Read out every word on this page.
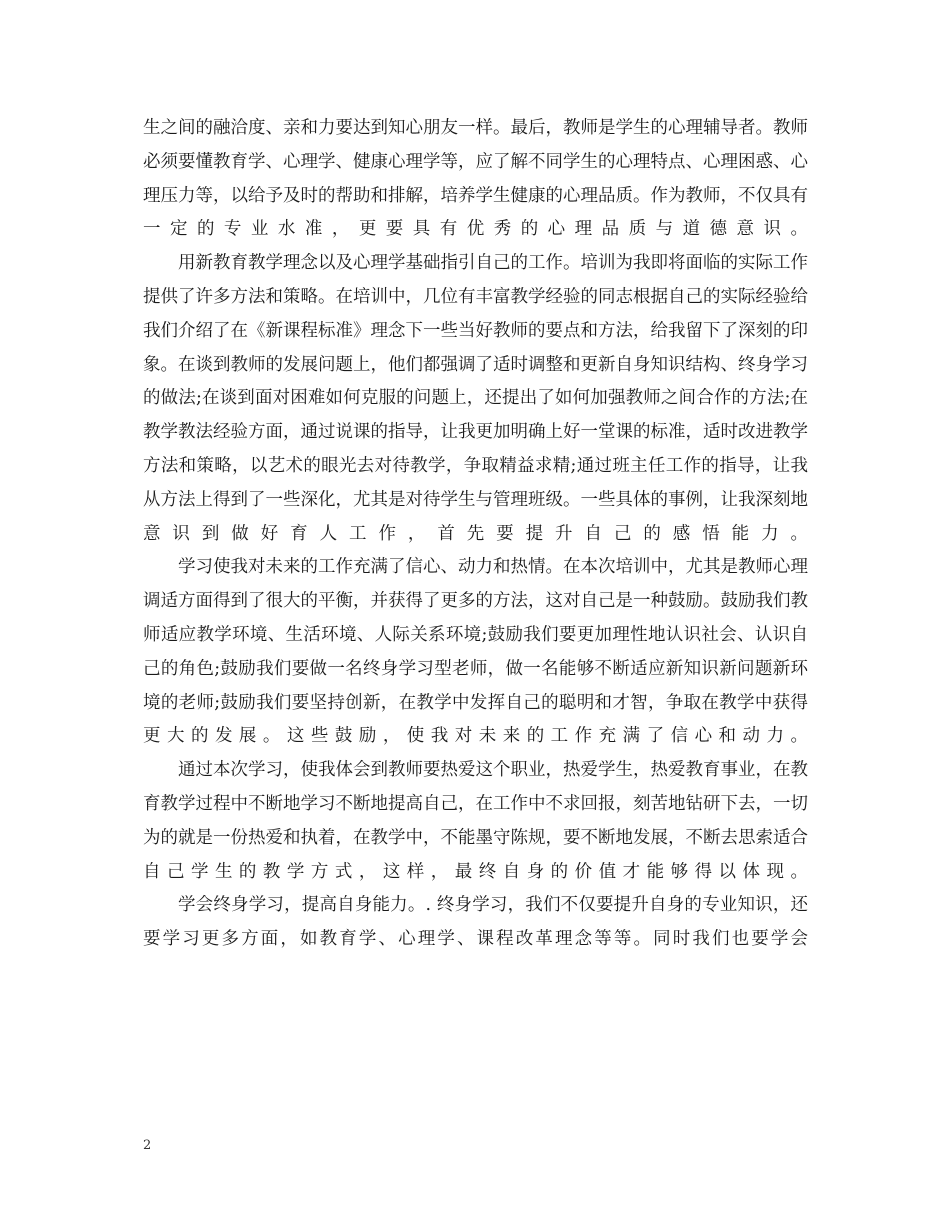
生之间的融洽度、亲和力要达到知心朋友一样。最后，教师是学生的心理辅导者。教师必须要懂教育学、心理学、健康心理学等，应了解不同学生的心理特点、心理困惑、心理压力等，以给予及时的帮助和排解，培养学生健康的心理品质。作为教师，不仅具有一定的专业水准，更要具有优秀的心理品质与道德意识。

用新教育教学理念以及心理学基础指引自己的工作。培训为我即将面临的实际工作提供了许多方法和策略。在培训中，几位有丰富教学经验的同志根据自己的实际经验给我们介绍了在《新课程标准》理念下一些当好教师的要点和方法，给我留下了深刻的印象。在谈到教师的发展问题上，他们都强调了适时调整和更新自身知识结构、终身学习的做法;在谈到面对困难如何克服的问题上，还提出了如何加强教师之间合作的方法;在教学教法经验方面，通过说课的指导，让我更加明确上好一堂课的标准，适时改进教学方法和策略，以艺术的眼光去对待教学，争取精益求精;通过班主任工作的指导，让我从方法上得到了一些深化，尤其是对待学生与管理班级。一些具体的事例，让我深刻地意识到做好育人工作，首先要提升自己的感悟能力。

学习使我对未来的工作充满了信心、动力和热情。在本次培训中，尤其是教师心理调适方面得到了很大的平衡，并获得了更多的方法，这对自己是一种鼓励。鼓励我们教师适应教学环境、生活环境、人际关系环境;鼓励我们要更加理性地认识社会、认识自己的角色;鼓励我们要做一名终身学习型老师，做一名能够不断适应新知识新问题新环境的老师;鼓励我们要坚持创新，在教学中发挥自己的聪明和才智，争取在教学中获得更大的发展。这些鼓励，使我对未来的工作充满了信心和动力。

通过本次学习，使我体会到教师要热爱这个职业，热爱学生，热爱教育事业，在教育教学过程中不断地学习不断地提高自己，在工作中不求回报，刻苦地钻研下去，一切为的就是一份热爱和执着，在教学中，不能墨守陈规，要不断地发展，不断去思索适合自己学生的教学方式，这样，最终自身的价值才能够得以体现。

学会终身学习，提高自身能力。. 终身学习，我们不仅要提升自身的专业知识，还要学习更多方面，如教育学、心理学、课程改革理念等等。同时我们也要学会

2
